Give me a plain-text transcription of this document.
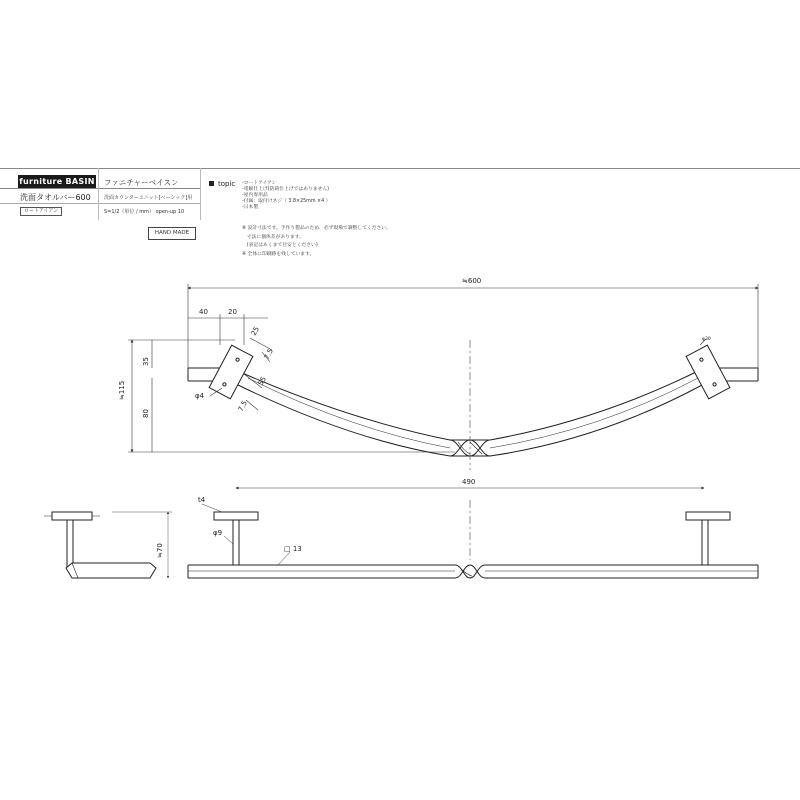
furniture BASIN ファニチャーベイスン
洗面タオルバー600	洗面カウンターユニット[ベーシック]用
ロートアイアン	S=1/2（単位 / mm） open-up 10
topic -ロートアイアン
-電解仕上げ(防錆仕上げではありません)
-屋内専用品
-付属：取付けネジ（ 3.8×25mm ×4 ）
-日本製
HAND MADE
※ 設計寸法です。手作り製品のため、必ず現場で調整してください。
　寸法に個体差があります。
　(表記はあくまで目安とください)
※ 全体に印刷跡を残しています。
≒600
40	20
25
7.5
55
7.5
≒115
35
80
φ4
φ30
490
≒70
t4
φ9
□ 13
